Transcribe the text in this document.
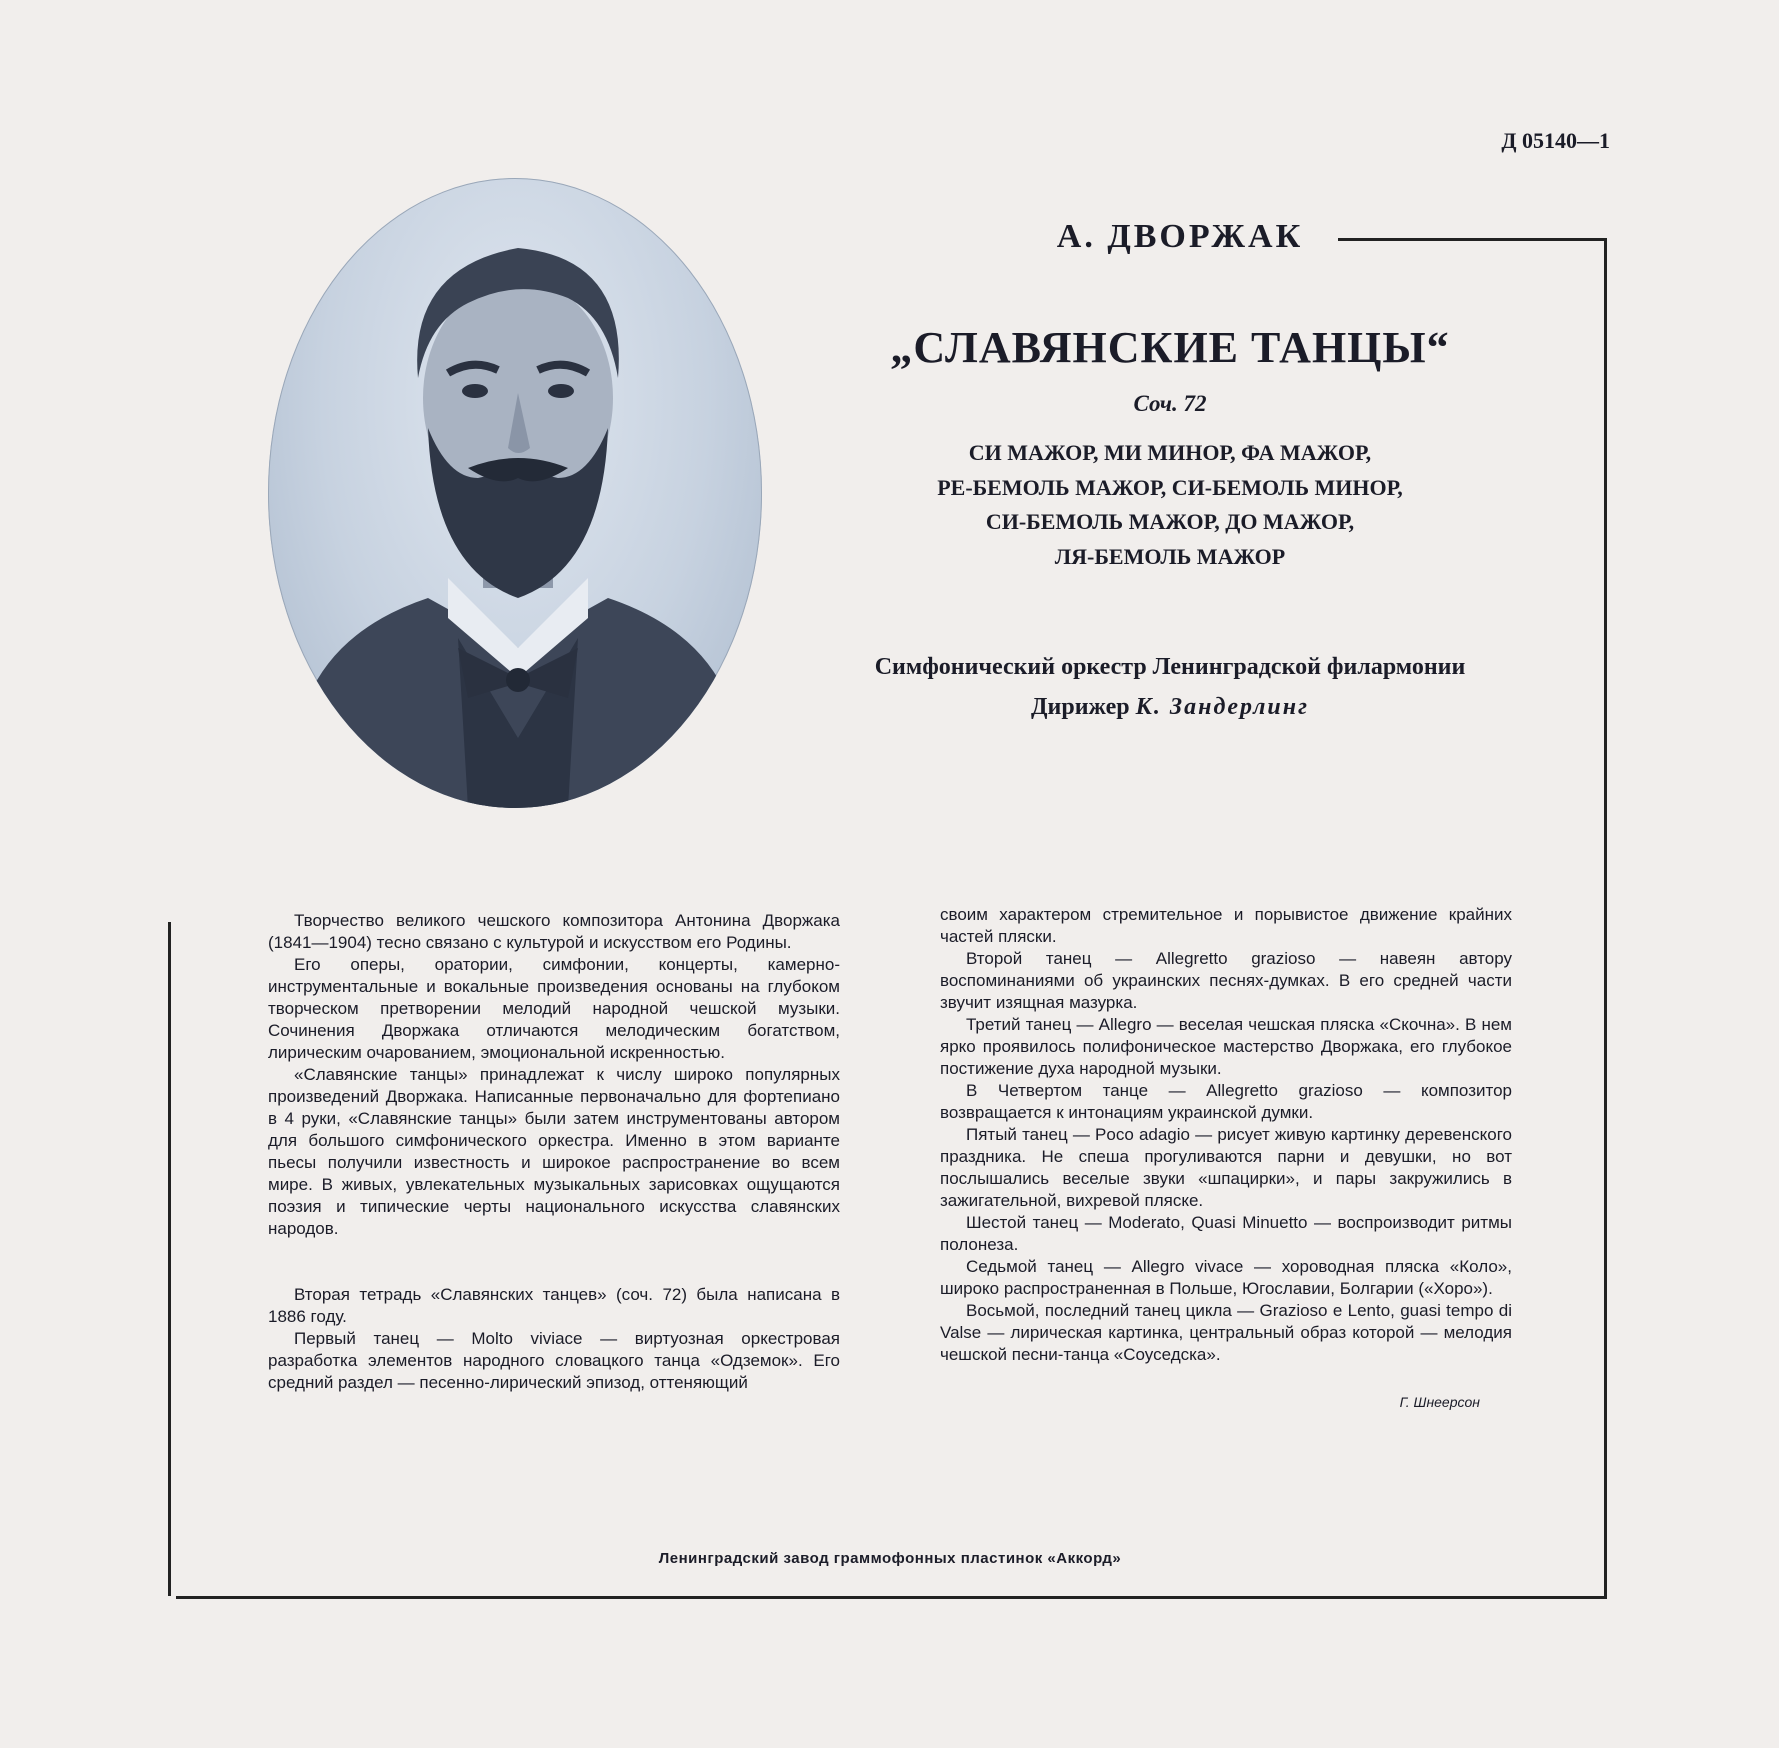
Д 05140—1
А. ДВОРЖАК
„СЛАВЯНСКИЕ ТАНЦЫ“
Соч. 72
СИ МАЖОР, МИ МИНОР, ФА МАЖОР,
РЕ-БЕМОЛЬ МАЖОР, СИ-БЕМОЛЬ МИНОР,
СИ-БЕМОЛЬ МАЖОР, ДО МАЖОР,
ЛЯ-БЕМОЛЬ МАЖОР
Симфонический оркестр Ленинградской филармонии
Дирижер К. Зандерлинг

Творчество великого чешского композитора Антонина Дворжака (1841—1904) тесно связано с культурой и искусством его Родины.

Его оперы, оратории, симфонии, концерты, камерно-инструментальные и вокальные произведения основаны на глубоком творческом претворении мелодий народной чешской музыки. Сочинения Дворжака отличаются мелодическим богатством, лирическим очарованием, эмоциональной искренностью.

«Славянские танцы» принадлежат к числу широко популярных произведений Дворжака. Написанные первоначально для фортепиано в 4 руки, «Славянские танцы» были затем инструментованы автором для большого симфонического оркестра. Именно в этом варианте пьесы получили известность и широкое распространение во всем мире. В живых, увлекательных музыкальных зарисовках ощущаются поэзия и типические черты национального искусства славянских народов.

Вторая тетрадь «Славянских танцев» (соч. 72) была написана в 1886 году.

Первый танец — Molto viviace — виртуозная оркестровая разработка элементов народного словацкого танца «Одземок». Его средний раздел — песенно-лирический эпизод, оттеняющий

своим характером стремительное и порывистое движение крайних частей пляски.

Второй танец — Allegretto grazioso — навеян автору воспоминаниями об украинских песнях-думках. В его средней части звучит изящная мазурка.

Третий танец — Allegro — веселая чешская пляска «Скочна». В нем ярко проявилось полифоническое мастерство Дворжака, его глубокое постижение духа народной музыки.

В Четвертом танце — Allegretto grazioso — композитор возвращается к интонациям украинской думки.

Пятый танец — Poco adagio — рисует живую картинку деревенского праздника. Не спеша прогуливаются парни и девушки, но вот послышались веселые звуки «шпацирки», и пары закружились в зажигательной, вихревой пляске.

Шестой танец — Moderato, Quasi Minuetto — воспроизводит ритмы полонеза.

Седьмой танец — Allegro vivace — хороводная пляска «Коло», широко распространенная в Польше, Югославии, Болгарии («Хоро»).

Восьмой, последний танец цикла — Grazioso e Lento, guasi tempo di Valse — лирическая картинка, центральный образ которой — мелодия чешской песни-танца «Соуседска».

Г. Шнеерсон
Ленинградский завод граммофонных пластинок «Аккорд»
